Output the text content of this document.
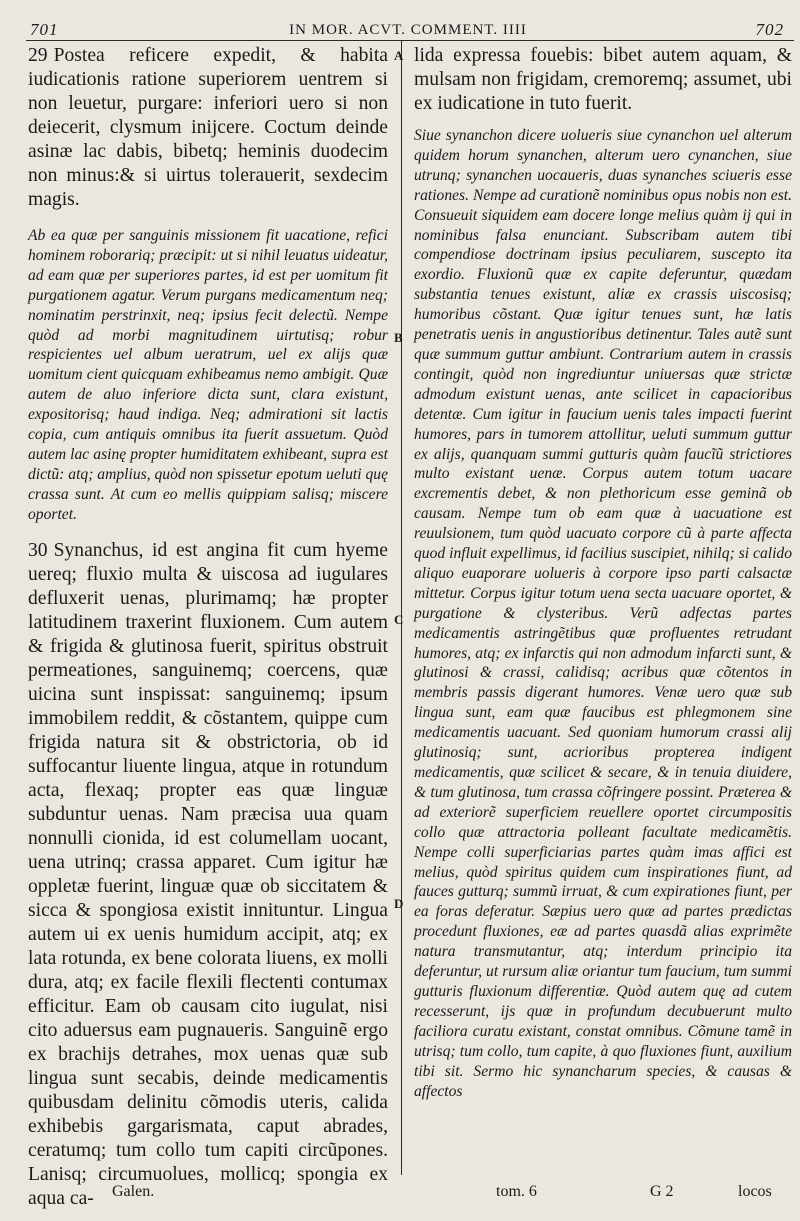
701	IN MOR. ACVT. COMMENT. IIII	702

29 Postea reficere expedit, & habita iudicationis ratione superiorem uentrem si non leuetur, purgare: inferiori uero si non deiecerit, clysmum inijcere. Coctum deinde asinæ lac dabis, bibetq; heminis duodecim non minus:& si uirtus tolerauerit, sexdecim magis.

Ab ea quæ per sanguinis missionem fit uacatione, refici hominem roborariq; præcipit: ut si nihil leuatus uideatur, ad eam quæ per superiores partes, id est per uomitum fit purgationem agatur. Verum purgans medicamentum neq; nominatim perstrinxit, neq; ipsius fecit delectũ. Nempe quòd ad morbi magnitudinem uirtutisq; robur respicientes uel album ueratrum, uel ex alijs quæ uomitum cient quicquam exhibeamus nemo ambigit. Quæ autem de aluo inferiore dicta sunt, clara existunt, expositorisq; haud indiga. Neq; admirationi sit lactis copia, cum antiquis omnibus ita fuerit assuetum. Quòd autem lac asinę propter humiditatem exhibeant, supra est dictũ: atq; amplius, quòd non spissetur epotum ueluti quę crassa sunt. At cum eo mellis quippiam salisq; miscere oportet.

30 Synanchus, id est angina fit cum hyeme uereq; fluxio multa & uiscosa ad iugulares defluxerit uenas, plurimamq; hæ propter latitudinem traxerint fluxionem. Cum autem & frigida & glutinosa fuerit, spiritus obstruit permeationes, sanguinemq; coercens, quæ uicina sunt inspissat: sanguinemq; ipsum immobilem reddit, & cõstantem, quippe cum frigida natura sit & obstrictoria, ob id suffocantur liuente lingua, atque in rotundum acta, flexaq; propter eas quæ linguæ subduntur uenas. Nam præcisa uua quam nonnulli cionida, id est columellam uocant, uena utrinq; crassa apparet. Cum igitur hæ oppletæ fuerint, linguæ quæ ob siccitatem & sicca & spongiosa existit innituntur. Lingua autem ui ex uenis humidum accipit, atq; ex lata rotunda, ex bene colorata liuens, ex molli dura, atq; ex facile flexili flectenti contumax efficitur. Eam ob causam cito iugulat, nisi cito aduersus eam pugnaueris. Sanguinẽ ergo ex brachijs detrahes, mox uenas quæ sub lingua sunt secabis, deinde medicamentis quibusdam delinitu cõmodis uteris, calida exhibebis gargarismata, caput abrades, ceratumq; tum collo tum capiti circũpones. Lanisq; circumuolues, mollicq; spongia ex aqua ca-

A
B
C
D

lida expressa fouebis: bibet autem aquam, & mulsam non frigidam, cremoremq; assumet, ubi ex iudicatione in tuto fuerit.

Siue synanchon dicere uolueris siue cynanchon uel alterum quidem horum synanchen, alterum uero cynanchen, siue utrunq; synanchen uocaueris, duas synanches sciueris esse rationes. Nempe ad curationẽ nominibus opus nobis non est. Consueuit siquidem eam docere longe melius quàm ij qui in nominibus falsa enunciant. Subscribam autem tibi compendiose doctrinam ipsius peculiarem, suscepto ita exordio. Fluxionũ quæ ex capite deferuntur, quædam substantia tenues existunt, aliæ ex crassis uiscosisq; humoribus cõstant. Quæ igitur tenues sunt, hæ latis penetratis uenis in angustioribus detinentur. Tales autẽ sunt quæ summum guttur ambiunt. Contrarium autem in crassis contingit, quòd non ingrediuntur uniuersas quæ strictæ admodum existunt uenas, ante scilicet in capacioribus detentæ. Cum igitur in faucium uenis tales impacti fuerint humores, pars in tumorem attollitur, ueluti summum guttur ex alijs, quanquam summi gutturis quàm faucĩũ strictiores multo existant uenæ. Corpus autem totum uacare excrementis debet, & non plethoricum esse geminã ob causam. Nempe tum ob eam quæ à uacuatione est reuulsionem, tum quòd uacuato corpore cũ à parte affecta quod influit expellimus, id facilius suscipiet, nihilq; si calido aliquo euaporare uolueris à corpore ipso parti calsactæ mittetur. Corpus igitur totum uena secta uacuare oportet, & purgatione & clysteribus. Verũ adfectas partes medicamentis astringẽtibus quæ profluentes retrudant humores, atq; ex infarctis qui non admodum infarcti sunt, & glutinosi & crassi, calidisq; acribus quæ cõtentos in membris passis digerant humores. Venæ uero quæ sub lingua sunt, eam quæ faucibus est phlegmonem sine medicamentis uacuant. Sed quoniam humorum crassi alij glutinosiq; sunt, acrioribus propterea indigent medicamentis, quæ scilicet & secare, & in tenuia diuidere, & tum glutinosa, tum crassa cõfringere possint. Præterea & ad exteriorẽ superficiem reuellere oportet circumpositis collo quæ attractoria polleant facultate medicamẽtis. Nempe colli superficiarias partes quàm imas affici est melius, quòd spiritus quidem cum inspirationes fiunt, ad fauces gutturq; summũ irruat, & cum expirationes fiunt, per ea foras deferatur. Sæpius uero quæ ad partes prædictas procedunt fluxiones, eæ ad partes quasdã alias exprimẽte natura transmutantur, atq; interdum principio ita deferuntur, ut rursum aliæ oriantur tum faucium, tum summi gutturis fluxionum differentiæ. Quòd autem quę ad cutem recesserunt, ijs quæ in profundum decubuerunt multo faciliora curatu existant, constat omnibus. Cõmune tamẽ in utrisq; tum collo, tum capite, à quo fluxiones fiunt, auxilium tibi sit. Sermo hic synancharum species, & causas & affectos

Galen.	tom. 6	G 2	locos
